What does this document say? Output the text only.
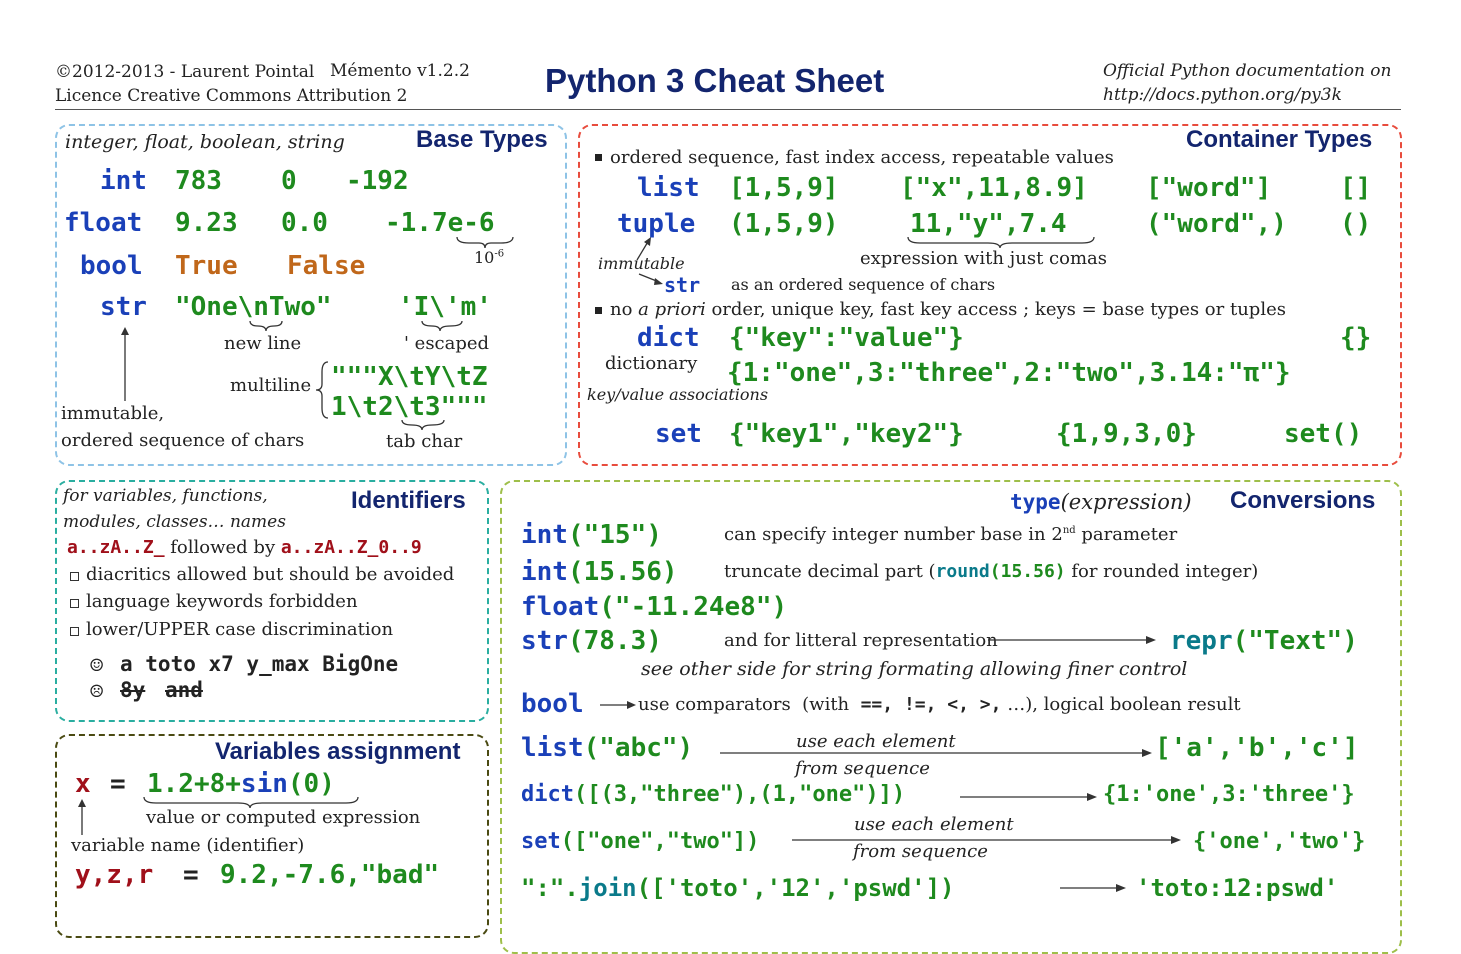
©2012-2013 - Laurent Pointal Mémento v1.2.2
Licence Creative Commons Attribution 2	Python 3 Cheat Sheet	Official Python documentation on
http://docs.python.org/py3k
integer, float, boolean, string	Base Types
int 783 0 -192
float 9.23 0.0 -1.7e-6
$10^{-6}$
bool True False
str "One\nTwo"	'I\'m'
new line	' escaped
multiline """X\tY\tZ
1\t2\t3"""
tab char
immutable,
ordered sequence of chars
Container Types
ordered sequence, fast index access, repeatable values
list [1,5,9] ["x",11,8.9] ["word"]	[]
tuple (1,5,9)	11,"y",7.4	("word",) ()
expression with just comas
immutable
str as an ordered sequence of chars
no a priori order, unique key, fast key access ; keys = base types or tuples
dict {"key":"value"}	{}
dictionary {1:"one",3:"three",2:"two",3.14:"π"}
key/value associations
set {"key1","key2"}	{1,9,3,0}	set()
for variables, functions,
modules, classes… names
Identifiers
a..zA..Z_ followed by a..zA..Z_0..9
diacritics allowed but should be avoided
language keywords forbidden
lower/UPPER case discrimination
☺ a toto x7 y_max BigOne
☹ 8y and
Variables assignment
x = 1.2+8+sin(0)
value or computed expression
variable name (identifier)
y,z,r = 9.2,-7.6,"bad"
type(expression) Conversions
int("15")	can specify integer number base in 2nd parameter
int(15.56)	truncate decimal part (round(15.56) for rounded integer)
float("-11.24e8")
str(78.3)	and for litteral representation	repr("Text")
see other side for string formating allowing finer control
bool	use comparators  (with  ==, !=, <, >, …), logical boolean result
list("abc")	use each element
from sequence
['a','b','c']
dict([(3,"three"),(1,"one")])	{1:'one',3:'three'}
set(["one","two"])
use each element
from sequence	{'one','two'}
":".join(['toto','12','pswd'])	'toto:12:pswd'
